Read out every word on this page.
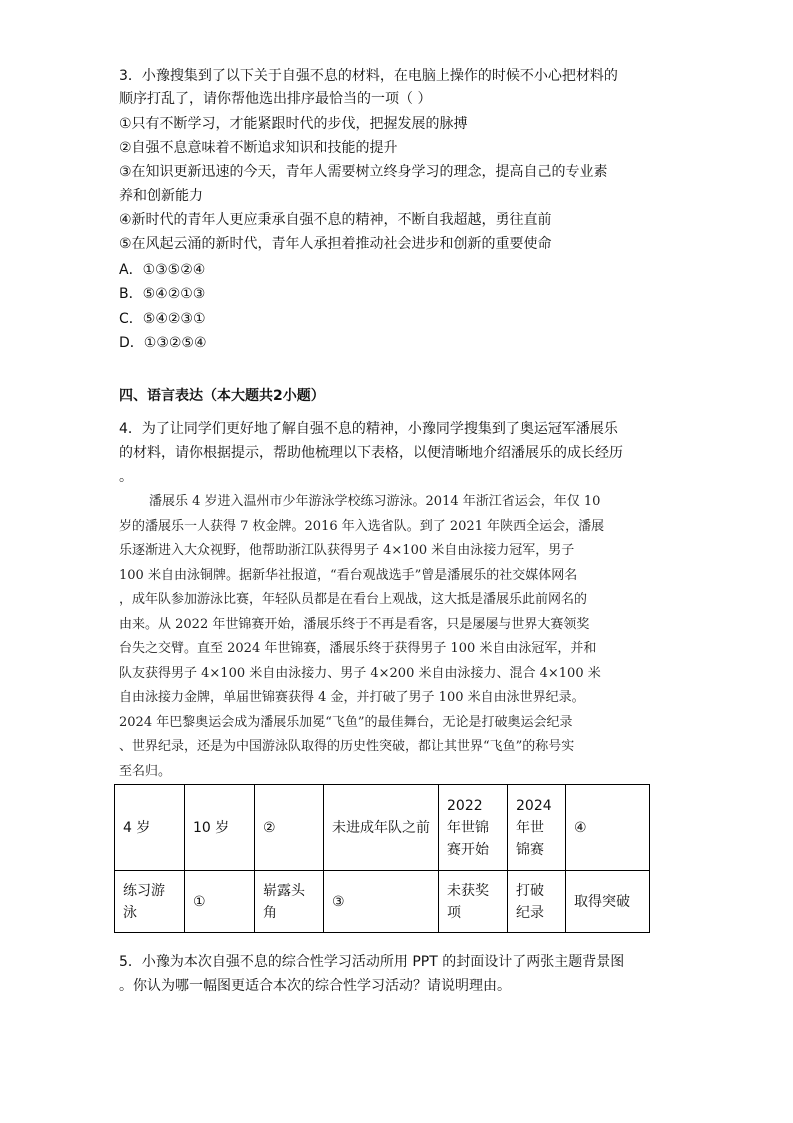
3．小豫搜集到了以下关于自强不息的材料，在电脑上操作的时候不小心把材料的
顺序打乱了，请你帮他选出排序最恰当的一项（ ）
①只有不断学习，才能紧跟时代的步伐，把握发展的脉搏
②自强不息意味着不断追求知识和技能的提升
③在知识更新迅速的今天，青年人需要树立终身学习的理念，提高自己的专业素
养和创新能力
④新时代的青年人更应秉承自强不息的精神，不断自我超越，勇往直前
⑤在风起云涌的新时代，青年人承担着推动社会进步和创新的重要使命
A．①③⑤②④
B．⑤④②①③
C．⑤④②③①
D．①③②⑤④
四、语言表达（本大题共2小题）
4．为了让同学们更好地了解自强不息的精神，小豫同学搜集到了奥运冠军潘展乐
的材料，请你根据提示，帮助他梳理以下表格，以便清晰地介绍潘展乐的成长经历
。
潘展乐 4 岁进入温州市少年游泳学校练习游泳。2014 年浙江省运会，年仅 10
岁的潘展乐一人获得 7 枚金牌。2016 年入选省队。到了 2021 年陕西全运会，潘展
乐逐渐进入大众视野，他帮助浙江队获得男子 4×100 米自由泳接力冠军，男子
100 米自由泳铜牌。据新华社报道，“看台观战选手”曾是潘展乐的社交媒体网名
，成年队参加游泳比赛，年轻队员都是在看台上观战，这大抵是潘展乐此前网名的
由来。从 2022 年世锦赛开始，潘展乐终于不再是看客，只是屡屡与世界大赛领奖
台失之交臂。直至 2024 年世锦赛，潘展乐终于获得男子 100 米自由泳冠军，并和
队友获得男子 4×100 米自由泳接力、男子 4×200 米自由泳接力、混合 4×100 米
自由泳接力金牌，单届世锦赛获得 4 金，并打破了男子 100 米自由泳世界纪录。
2024 年巴黎奥运会成为潘展乐加冕“飞鱼”的最佳舞台，无论是打破奥运会纪录
、世界纪录，还是为中国游泳队取得的历史性突破，都让其世界“飞鱼”的称号实
至名归。
4 岁	10 岁	②	未进成年队之前	2022 年世锦赛开始	2024 年世锦赛	④
练习游泳	①	崭露头角	③	未获奖项	打破纪录	取得突破
5．小豫为本次自强不息的综合性学习活动所用 PPT 的封面设计了两张主题背景图
。你认为哪一幅图更适合本次的综合性学习活动？请说明理由。
